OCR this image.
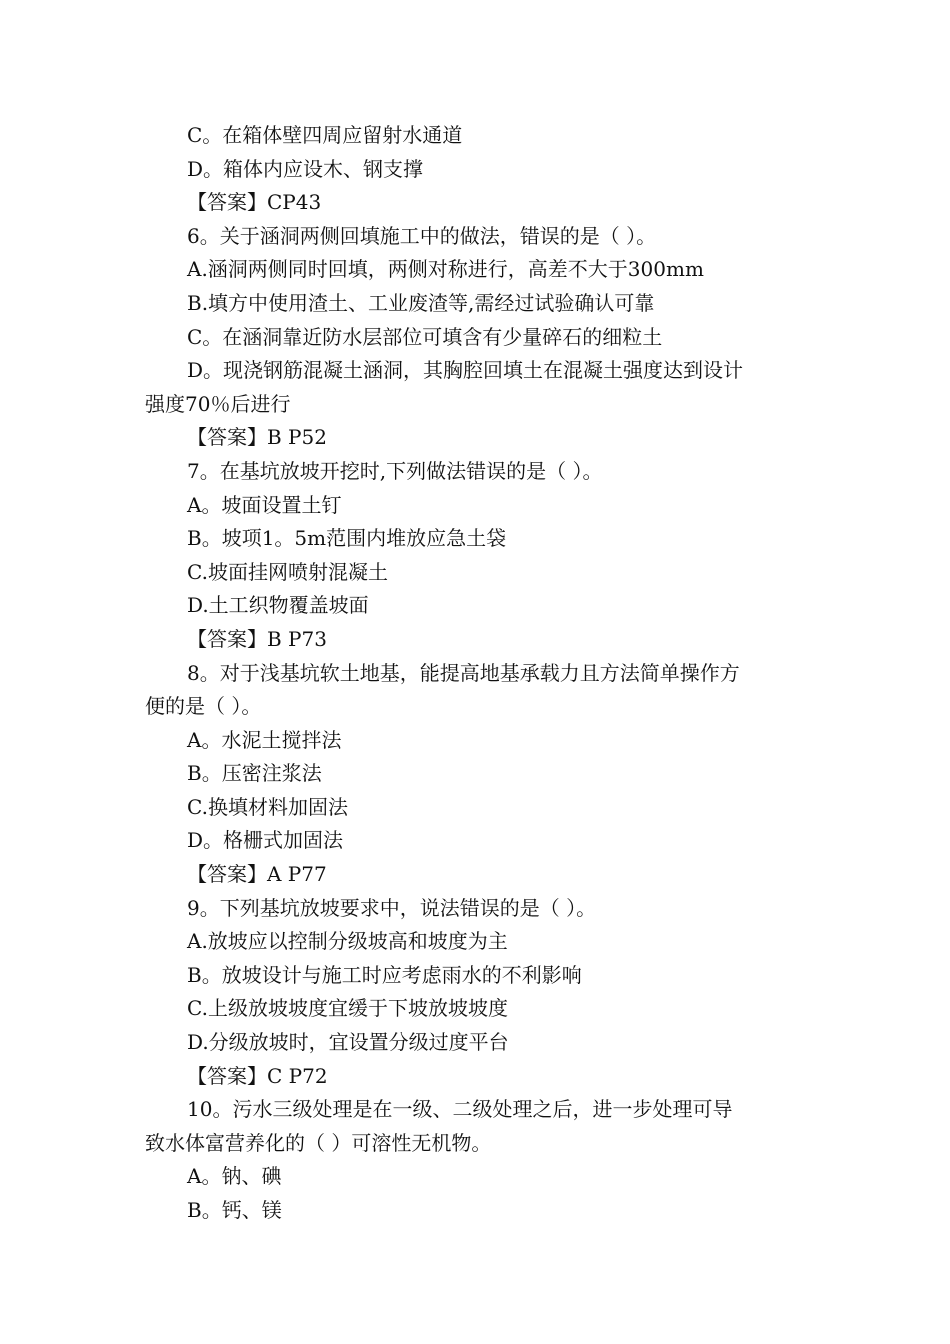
C。在箱体壁四周应留射水通道
D。箱体内应设木、钢支撑
【答案】CP43
6。关于涵洞两侧回填施工中的做法，错误的是（ ）。
A.涵洞两侧同时回填，两侧对称进行，高差不大于300mm
B.填方中使用渣土、工业废渣等,需经过试验确认可靠
C。在涵洞靠近防水层部位可填含有少量碎石的细粒土
D。现浇钢筋混凝土涵洞，其胸腔回填土在混凝土强度达到设计
强度70％后进行
【答案】B P52
7。在基坑放坡开挖时,下列做法错误的是（ ）。
A。坡面设置土钉
B。坡项1。5m范围内堆放应急土袋
C.坡面挂网喷射混凝土
D.土工织物覆盖坡面
【答案】B P73
8。对于浅基坑软土地基，能提高地基承载力且方法简单操作方
便的是（ ）。
A。水泥土搅拌法
B。压密注浆法
C.换填材料加固法
D。格栅式加固法
【答案】A P77
9。下列基坑放坡要求中，说法错误的是（ ）。
A.放坡应以控制分级坡高和坡度为主
B。放坡设计与施工时应考虑雨水的不利影响
C.上级放坡坡度宜缓于下坡放坡坡度
D.分级放坡时，宜设置分级过度平台
【答案】C P72
10。污水三级处理是在一级、二级处理之后，进一步处理可导
致水体富营养化的（ ）可溶性无机物。
A。钠、碘
B。钙、镁
